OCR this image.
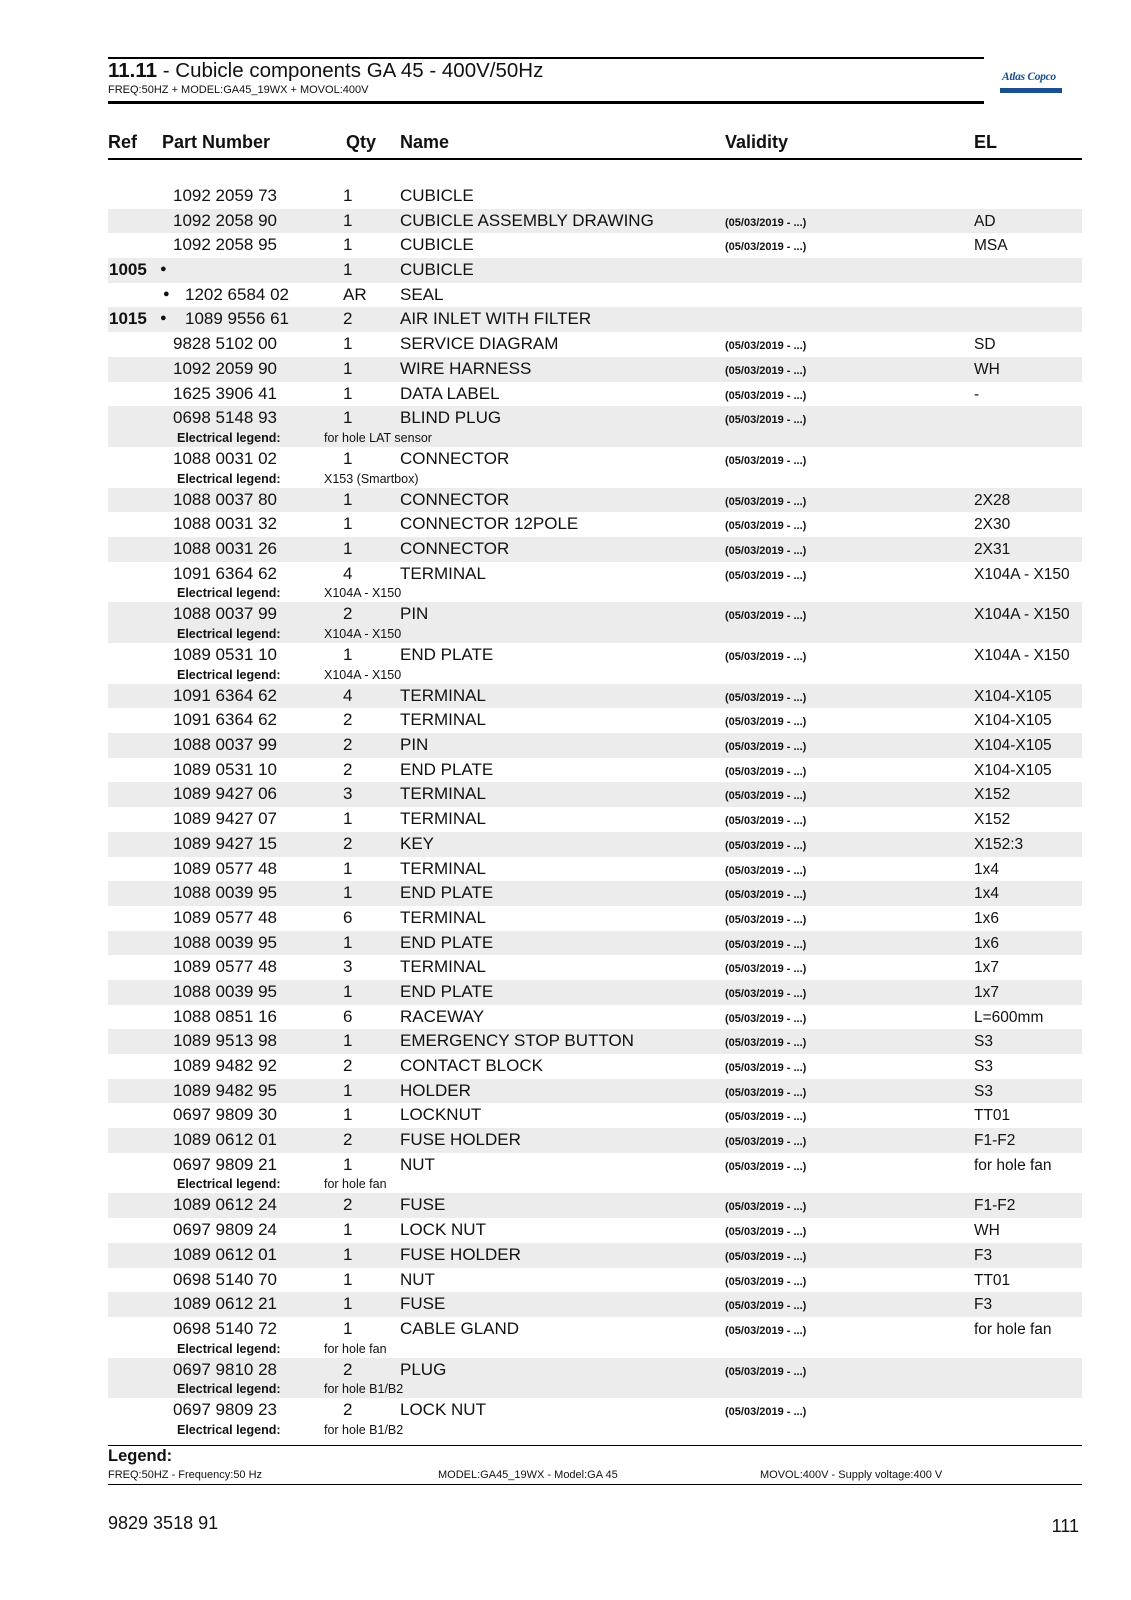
11.11 - Cubicle components GA 45 - 400V/50Hz
FREQ:50HZ + MODEL:GA45_19WX + MOVOL:400V
Atlas Copco
Ref Part Number	Qty Name	Validity	EL
1092 2059 73	1	CUBICLE
1092 2058 90	1	CUBICLE ASSEMBLY DRAWING	(05/03/2019 - ...)	AD
1092 2058 95	1	CUBICLE	(05/03/2019 - ...)	MSA
1005 ●	1	CUBICLE
● 1202 6584 02	AR SEAL
1015 ● 1089 9556 61	2	AIR INLET WITH FILTER
9828 5102 00	1	SERVICE DIAGRAM	(05/03/2019 - ...)	SD
1092 2059 90	1	WIRE HARNESS	(05/03/2019 - ...)	WH
1625 3906 41	1	DATA LABEL	(05/03/2019 - ...)	-
0698 5148 93	1	BLIND PLUG	(05/03/2019 - ...)
Electrical legend:	for hole LAT sensor
1088 0031 02	1	CONNECTOR	(05/03/2019 - ...)
Electrical legend:	X153 (Smartbox)
1088 0037 80	1	CONNECTOR	(05/03/2019 - ...)	2X28
1088 0031 32	1	CONNECTOR 12POLE	(05/03/2019 - ...)	2X30
1088 0031 26	1	CONNECTOR	(05/03/2019 - ...)	2X31
1091 6364 62	4	TERMINAL	(05/03/2019 - ...)	X104A - X150
Electrical legend:	X104A - X150
1088 0037 99	2	PIN	(05/03/2019 - ...)	X104A - X150
Electrical legend:	X104A - X150
1089 0531 10	1	END PLATE	(05/03/2019 - ...)	X104A - X150
Electrical legend:	X104A - X150
1091 6364 62	4	TERMINAL	(05/03/2019 - ...)	X104-X105
1091 6364 62	2	TERMINAL	(05/03/2019 - ...)	X104-X105
1088 0037 99	2	PIN	(05/03/2019 - ...)	X104-X105
1089 0531 10	2	END PLATE	(05/03/2019 - ...)	X104-X105
1089 9427 06	3	TERMINAL	(05/03/2019 - ...)	X152
1089 9427 07	1	TERMINAL	(05/03/2019 - ...)	X152
1089 9427 15	2	KEY	(05/03/2019 - ...)	X152:3
1089 0577 48	1	TERMINAL	(05/03/2019 - ...)	1x4
1088 0039 95	1	END PLATE	(05/03/2019 - ...)	1x4
1089 0577 48	6	TERMINAL	(05/03/2019 - ...)	1x6
1088 0039 95	1	END PLATE	(05/03/2019 - ...)	1x6
1089 0577 48	3	TERMINAL	(05/03/2019 - ...)	1x7
1088 0039 95	1	END PLATE	(05/03/2019 - ...)	1x7
1088 0851 16	6	RACEWAY	(05/03/2019 - ...)	L=600mm
1089 9513 98	1	EMERGENCY STOP BUTTON	(05/03/2019 - ...)	S3
1089 9482 92	2	CONTACT BLOCK	(05/03/2019 - ...)	S3
1089 9482 95	1	HOLDER	(05/03/2019 - ...)	S3
0697 9809 30	1	LOCKNUT	(05/03/2019 - ...)	TT01
1089 0612 01	2	FUSE HOLDER	(05/03/2019 - ...)	F1-F2
0697 9809 21	1	NUT	(05/03/2019 - ...)	for hole fan
Electrical legend:	for hole fan
1089 0612 24	2	FUSE	(05/03/2019 - ...)	F1-F2
0697 9809 24	1	LOCK NUT	(05/03/2019 - ...)	WH
1089 0612 01	1	FUSE HOLDER	(05/03/2019 - ...)	F3
0698 5140 70	1	NUT	(05/03/2019 - ...)	TT01
1089 0612 21	1	FUSE	(05/03/2019 - ...)	F3
0698 5140 72	1	CABLE GLAND	(05/03/2019 - ...)	for hole fan
Electrical legend:	for hole fan
0697 9810 28	2	PLUG	(05/03/2019 - ...)
Electrical legend:	for hole B1/B2
0697 9809 23	2	LOCK NUT	(05/03/2019 - ...)
Electrical legend:	for hole B1/B2
Legend:
FREQ:50HZ - Frequency:50 Hz	MODEL:GA45_19WX - Model:GA 45	MOVOL:400V - Supply voltage:400 V
9829 3518 91	111
